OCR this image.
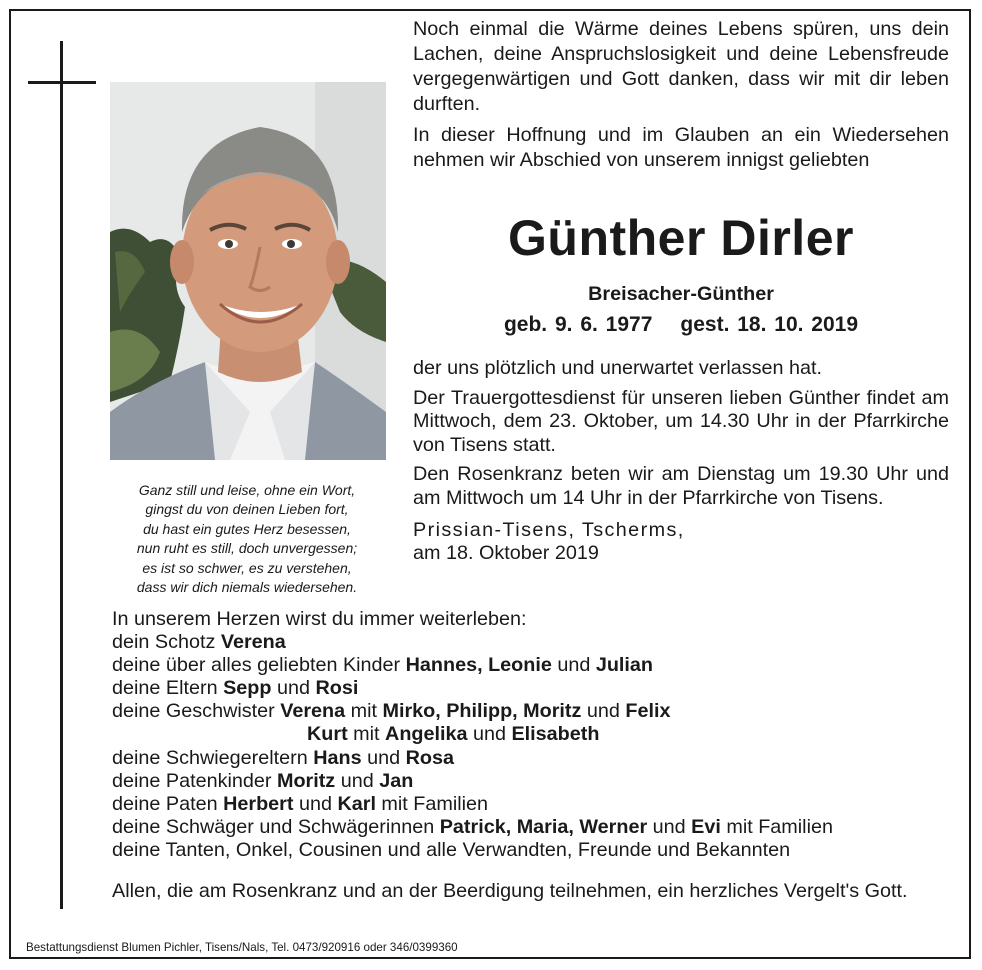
Ganz still und leise, ohne ein Wort,
gingst du von deinen Lieben fort,
du hast ein gutes Herz besessen,
nun ruht es still, doch unvergessen;
es ist so schwer, es zu verstehen,
dass wir dich niemals wiedersehen.

Noch einmal die Wärme deines Lebens spüren, uns dein Lachen, deine Anspruchslosigkeit und deine Lebensfreude vergegenwärtigen und Gott danken, dass wir mit dir leben durften.

In dieser Hoffnung und im Glauben an ein Wiedersehen nehmen wir Abschied von unserem innigst geliebten

Günther Dirler
Breisacher-Günther
geb. 9. 6. 1977 gest. 18. 10. 2019

der uns plötzlich und unerwartet verlassen hat.

Der Trauergottesdienst für unseren lieben Günther findet am Mittwoch, dem 23. Oktober, um 14.30 Uhr in der Pfarrkirche von Tisens statt.

Den Rosenkranz beten wir am Dienstag um 19.30 Uhr und am Mittwoch um 14 Uhr in der Pfarrkirche von Tisens.

Prissian-Tisens, Tscherms,

am 18. Oktober 2019

In unserem Herzen wirst du immer weiterleben:
dein Schotz Verena
deine über alles geliebten Kinder Hannes, Leonie und Julian
deine Eltern Sepp und Rosi
deine Geschwister Verena mit Mirko, Philipp, Moritz und Felix
Kurt mit Angelika und Elisabeth
deine Schwiegereltern Hans und Rosa
deine Patenkinder Moritz und Jan
deine Paten Herbert und Karl mit Familien
deine Schwäger und Schwägerinnen Patrick, Maria, Werner und Evi mit Familien
deine Tanten, Onkel, Cousinen und alle Verwandten, Freunde und Bekannten
Allen, die am Rosenkranz und an der Beerdigung teilnehmen, ein herzliches Vergelt's Gott.
Bestattungsdienst Blumen Pichler, Tisens/Nals, Tel. 0473/920916 oder 346/0399360
